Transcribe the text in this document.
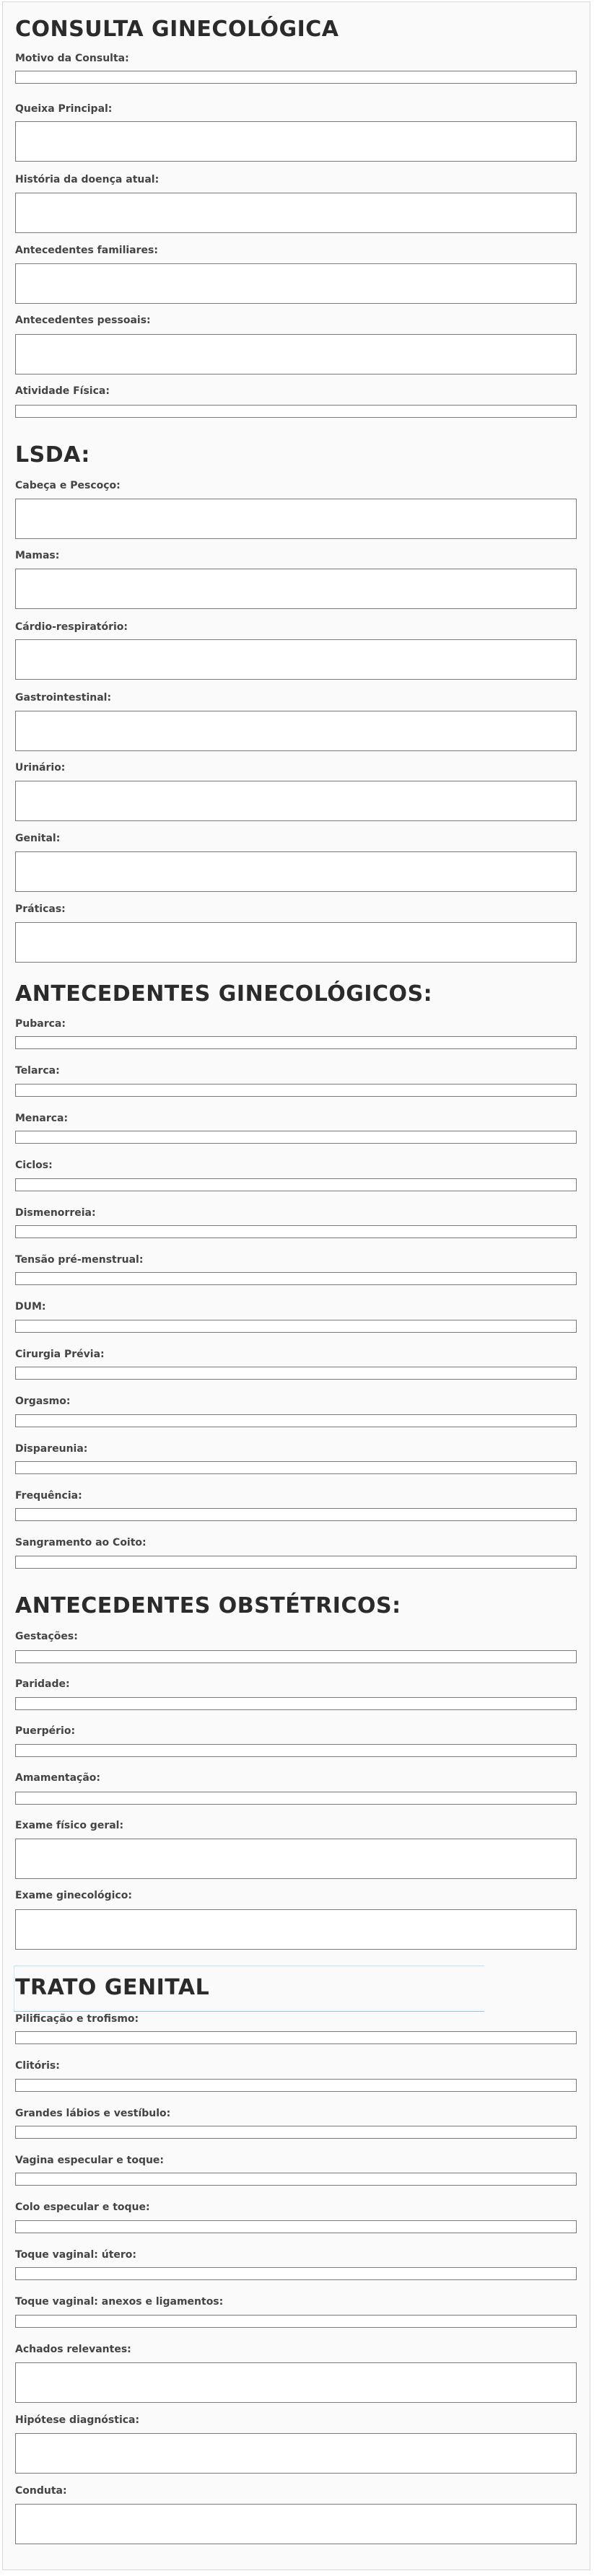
CONSULTA GINECOLÓGICA
Motivo da Consulta:
Queixa Principal:
História da doença atual:
Antecedentes familiares:
Antecedentes pessoais:
Atividade Física:
LSDA:
Cabeça e Pescoço:
Mamas:
Cárdio-respiratório:
Gastrointestinal:
Urinário:
Genital:
Práticas:
ANTECEDENTES GINECOLÓGICOS:
Pubarca:
Telarca:
Menarca:
Ciclos:
Dismenorreia:
Tensão pré-menstrual:
DUM:
Cirurgia Prévia:
Orgasmo:
Dispareunia:
Frequência:
Sangramento ao Coito:
ANTECEDENTES OBSTÉTRICOS:
Gestações:
Paridade:
Puerpério:
Amamentação:
Exame físico geral:
Exame ginecológico:
TRATO GENITAL
Pilificação e trofismo:
Clitóris:
Grandes lábios e vestíbulo:
Vagina especular e toque:
Colo especular e toque:
Toque vaginal: útero:
Toque vaginal: anexos e ligamentos:
Achados relevantes:
Hipótese diagnóstica:
Conduta:
